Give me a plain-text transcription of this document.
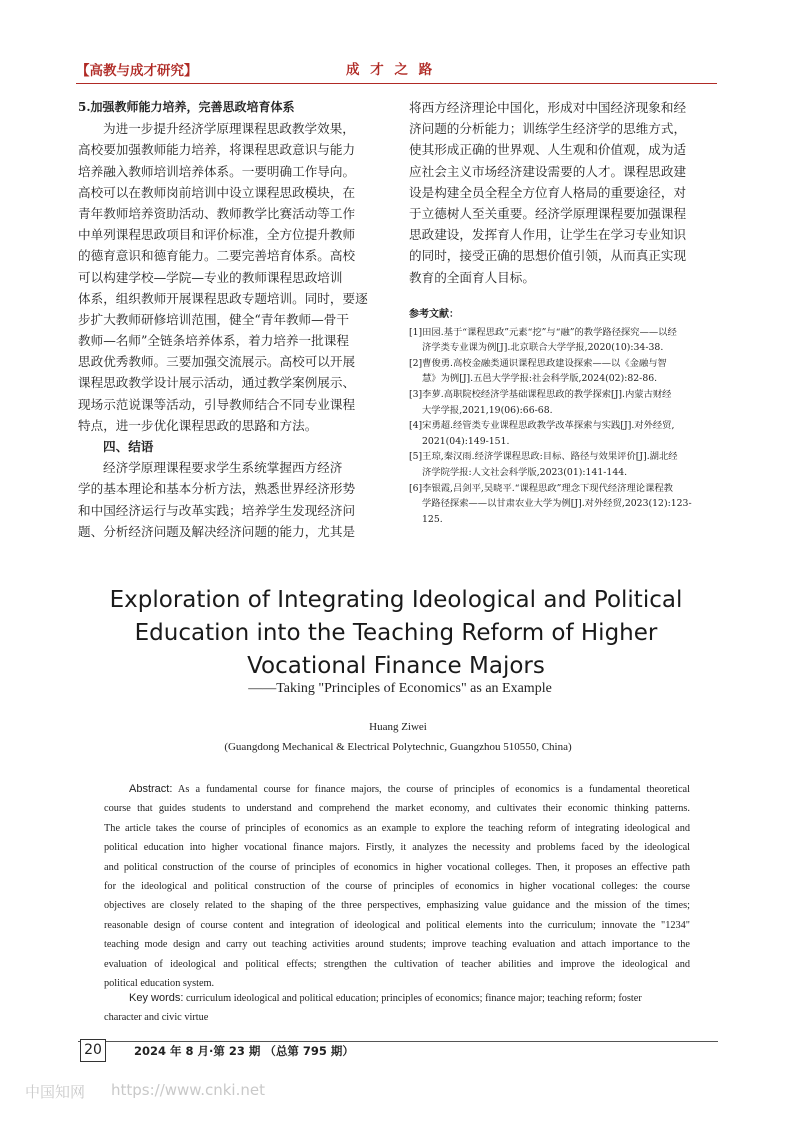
【高教与成才研究】	成 才 之 路
5.加强教师能力培养，完善思政培育体系
为进一步提升经济学原理课程思政教学效果，
高校要加强教师能力培养，将课程思政意识与能力
培养融入教师培训培养体系。一要明确工作导向。
高校可以在教师岗前培训中设立课程思政模块，在
青年教师培养资助活动、教师教学比赛活动等工作
中单列课程思政项目和评价标准，全方位提升教师
的德育意识和德育能力。二要完善培育体系。高校
可以构建学校—学院—专业的教师课程思政培训
体系，组织教师开展课程思政专题培训。同时，要逐
步扩大教师研修培训范围，健全“青年教师—骨干
教师—名师”全链条培养体系，着力培养一批课程
思政优秀教师。三要加强交流展示。高校可以开展
课程思政教学设计展示活动，通过教学案例展示、
现场示范说课等活动，引导教师结合不同专业课程
特点，进一步优化课程思政的思路和方法。
四、结语
经济学原理课程要求学生系统掌握西方经济
学的基本理论和基本分析方法，熟悉世界经济形势
和中国经济运行与改革实践；培养学生发现经济问
题、分析经济问题及解决经济问题的能力，尤其是
将西方经济理论中国化，形成对中国经济现象和经
济问题的分析能力；训练学生经济学的思维方式，
使其形成正确的世界观、人生观和价值观，成为适
应社会主义市场经济建设需要的人才。课程思政建
设是构建全员全程全方位育人格局的重要途径，对
于立德树人至关重要。经济学原理课程要加强课程
思政建设，发挥育人作用，让学生在学习专业知识
的同时，接受正确的思想价值引领，从而真正实现
教育的全面育人目标。
参考文献：
[1]田园.基于“课程思政”元素“挖”与“融”的教学路径探究——以经
济学类专业课为例[J].北京联合大学学报,2020(10):34-38.
[2]曹俊勇.高校金融类通识课程思政建设探索——以《金融与智
慧》为例[J].五邑大学学报:社会科学版,2024(02):82-86.
[3]李萝.高职院校经济学基础课程思政的教学探索[J].内蒙古财经
大学学报,2021,19(06):66-68.
[4]宋勇超.经管类专业课程思政教学改革探索与实践[J].对外经贸,
2021(04):149-151.
[5]王琼,秦汉雨.经济学课程思政:目标、路径与效果评价[J].湖北经
济学院学报:人文社会科学版,2023(01):141-144.
[6]李银霞,吕剑平,吴晓平.“课程思政”理念下现代经济理论课程教
学路径探索——以甘肃农业大学为例[J].对外经贸,2023(12):123-
125.
Exploration of Integrating Ideological and Political
Education into the Teaching Reform of Higher
Vocational Finance Majors
——Taking "Principles of Economics" as an Example
Huang Ziwei
(Guangdong Mechanical & Electrical Polytechnic, Guangzhou 510550, China)
Abstract: As a fundamental course for finance majors, the course of principles of economics is a fundamental theoretical
course that guides students to understand and comprehend the market economy, and cultivates their economic thinking patterns.
The article takes the course of principles of economics as an example to explore the teaching reform of integrating ideological and
political education into higher vocational finance majors. Firstly, it analyzes the necessity and problems faced by the ideological
and political construction of the course of principles of economics in higher vocational colleges. Then, it proposes an effective path
for the ideological and political construction of the course of principles of economics in higher vocational colleges: the course
objectives are closely related to the shaping of the three perspectives, emphasizing value guidance and the mission of the times;
reasonable design of course content and integration of ideological and political elements into the curriculum; innovate the "1234"
teaching mode design and carry out teaching activities around students; improve teaching evaluation and attach importance to the
evaluation of ideological and political effects; strengthen the cultivation of teacher abilities and improve the ideological and
political education system.
Key words: curriculum ideological and political education; principles of economics; finance major; teaching reform; foster
character and civic virtue
20	2024 年 8 月·第 23 期 （总第 795 期）
中国知网 https://www.cnki.net
